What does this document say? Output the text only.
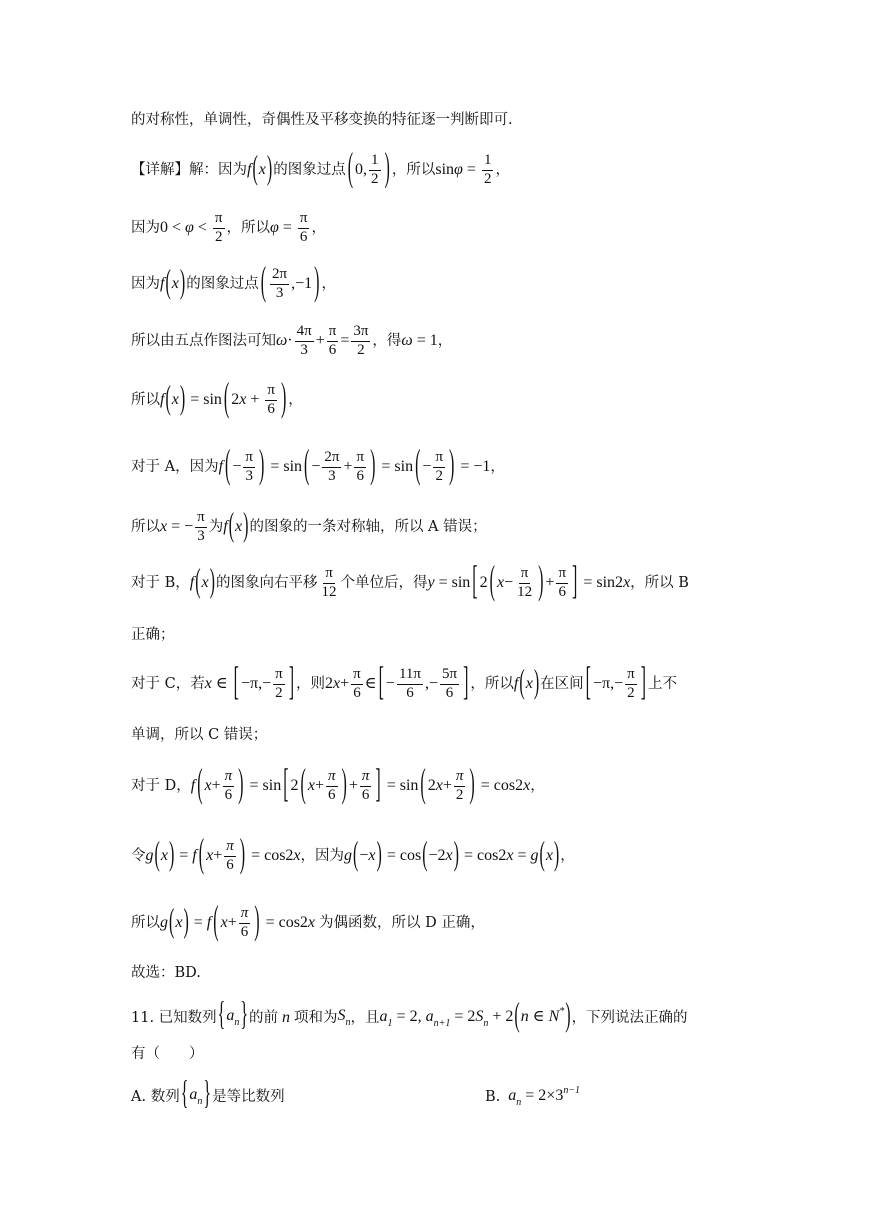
的对称性，单调性，奇偶性及平移变换的特征逐一判断即可.
【详解】解：因为 f(x) 的图象过点 ( 0, $\frac{1}{2}$ ) ，所以 $\sin\varphi = \frac{1}{2}$ ，
因为 $0 < \varphi < \frac{\pi}{2}$ ，所以 $\varphi = \frac{\pi}{6}$ ，
因为 f(x) 的图象过点 ( $\frac{2\pi}{3} ,-1$ ) ，
所以由五点作图法可知 $\omega\cdot \frac{4\pi}{3} + \frac{\pi}{6} = \frac{3\pi}{2}$ ，得 ω = 1 ，
所以 f(x) = sin ( $2x + \frac{\pi}{6}$ ) ，
对于 A，因为 f ( − $\frac{\pi}{3}$ ) = sin ( − $\frac{2\pi}{3} + \frac{\pi}{6}$ ) = sin ( − $\frac{\pi}{2}$ ) = −1 ，
所以 x = − $\frac{\pi}{3}$ 为 f(x) 的图象的一条对称轴，所以 A 错误；
对于 B， f(x) 的图象向右平移 $\frac{\pi}{12}$ 个单位后，得 y = sin [ 2 ( $x- \frac{\pi}{12}$ ) + $\frac{\pi}{6}$ ] = sin2x ，所以 B
正确；
对于 C，若 x ∈ [ $-\pi,- \frac{\pi}{2}$ ] ，则 $2x+ \frac{\pi}{6}$ ∈ [ − $\frac{11\pi}{6}$ ,− $\frac{5\pi}{6}$ ] ，所以 f(x) 在区间 [ $-\pi,- \frac{\pi}{2}$ ] 上不
单调，所以 C 错误；
对于 D， f ( $x+ \frac{\pi}{6}$ ) = sin [ 2 ( $x+ \frac{\pi}{6}$ ) + $\frac{\pi}{6}$ ] = sin ( $2x+ \frac{\pi}{2}$ ) = cos2x ，
令 g(x) = f ( $x+ \frac{\pi}{6}$ ) = cos2x ，因为 g(−x) = cos(−2x) = cos2x = g(x) ，
所以 g(x) = f ( $x+ \frac{\pi}{6}$ ) = cos2x 为偶函数，所以 D 正确，
故选：BD.
11. 已知数列 $\{a_n\}$ 的前 n 项和为 $S_n$ ，且 $a_1 = 2$, $a_{n+1} = 2S_n + 2(n$ ∈ N*) ，下列说法正确的
有（　　）
A. 数列 $\{a_n\}$ 是等比数列	B. $a_n = 2\times 3^{n-1}$
